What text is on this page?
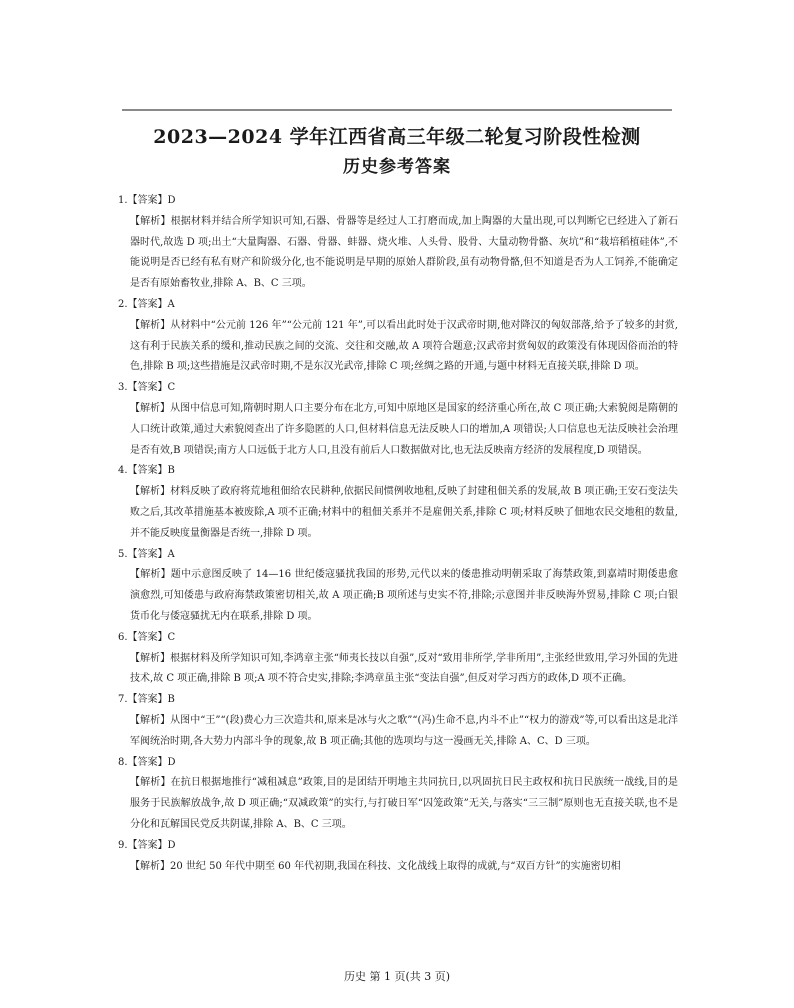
2023—2024 学年江西省高三年级二轮复习阶段性检测
历史参考答案
1.【答案】D

【解析】根据材料并结合所学知识可知,石器、骨器等是经过人工打磨而成,加上陶器的大量出现,可以判断它已经进入了新石器时代,故选 D 项;出土“大量陶器、石器、骨器、蚌器、烧火堆、人头骨、股骨、大量动物骨骼、灰坑”和“栽培稻植硅体”,不能说明是否已经有私有财产和阶级分化,也不能说明是早期的原始人群阶段,虽有动物骨骼,但不知道是否为人工饲养,不能确定是否有原始畜牧业,排除 A、B、C 三项。

2.【答案】A

【解析】从材料中“公元前 126 年”“公元前 121 年”,可以看出此时处于汉武帝时期,他对降汉的匈奴部落,给予了较多的封赏,这有利于民族关系的缓和,推动民族之间的交流、交往和交融,故 A 项符合题意;汉武帝封赏匈奴的政策没有体现因俗而治的特色,排除 B 项;这些措施是汉武帝时期,不是东汉光武帝,排除 C 项;丝绸之路的开通,与题中材料无直接关联,排除 D 项。

3.【答案】C

【解析】从图中信息可知,隋朝时期人口主要分布在北方,可知中原地区是国家的经济重心所在,故 C 项正确;大索貌阅是隋朝的人口统计政策,通过大索貌阅查出了许多隐匿的人口,但材料信息无法反映人口的增加,A 项错误;人口信息也无法反映社会治理是否有效,B 项错误;南方人口远低于北方人口,且没有前后人口数据做对比,也无法反映南方经济的发展程度,D 项错误。

4.【答案】B

【解析】材料反映了政府将荒地租佃给农民耕种,依据民间惯例收地租,反映了封建租佃关系的发展,故 B 项正确;王安石变法失败之后,其改革措施基本被废除,A 项不正确;材料中的租佃关系并不是雇佣关系,排除 C 项;材料反映了佃地农民交地租的数量,并不能反映度量衡器是否统一,排除 D 项。

5.【答案】A

【解析】题中示意图反映了 14—16 世纪倭寇骚扰我国的形势,元代以来的倭患推动明朝采取了海禁政策,到嘉靖时期倭患愈演愈烈,可知倭患与政府海禁政策密切相关,故 A 项正确;B 项所述与史实不符,排除;示意图并非反映海外贸易,排除 C 项;白银货币化与倭寇骚扰无内在联系,排除 D 项。

6.【答案】C

【解析】根据材料及所学知识可知,李鸿章主张“师夷长技以自强”,反对“致用非所学,学非所用”,主张经世致用,学习外国的先进技术,故 C 项正确,排除 B 项;A 项不符合史实,排除;李鸿章虽主张“变法自强”,但反对学习西方的政体,D 项不正确。

7.【答案】B

【解析】从图中“王”“(段)费心力三次造共和,原来是冰与火之歌”“(冯)生命不息,内斗不止”“权力的游戏”等,可以看出这是北洋军阀统治时期,各大势力内部斗争的现象,故 B 项正确;其他的选项均与这一漫画无关,排除 A、C、D 三项。

8.【答案】D

【解析】在抗日根据地推行“减租减息”政策,目的是团结开明地主共同抗日,以巩固抗日民主政权和抗日民族统一战线,目的是服务于民族解放战争,故 D 项正确;“双减政策”的实行,与打破日军“囚笼政策”无关,与落实“三三制”原则也无直接关联,也不是分化和瓦解国民党反共阴谋,排除 A、B、C 三项。

9.【答案】D

【解析】20 世纪 50 年代中期至 60 年代初期,我国在科技、文化战线上取得的成就,与“双百方针”的实施密切相

历史 第 1 页(共 3 页)
